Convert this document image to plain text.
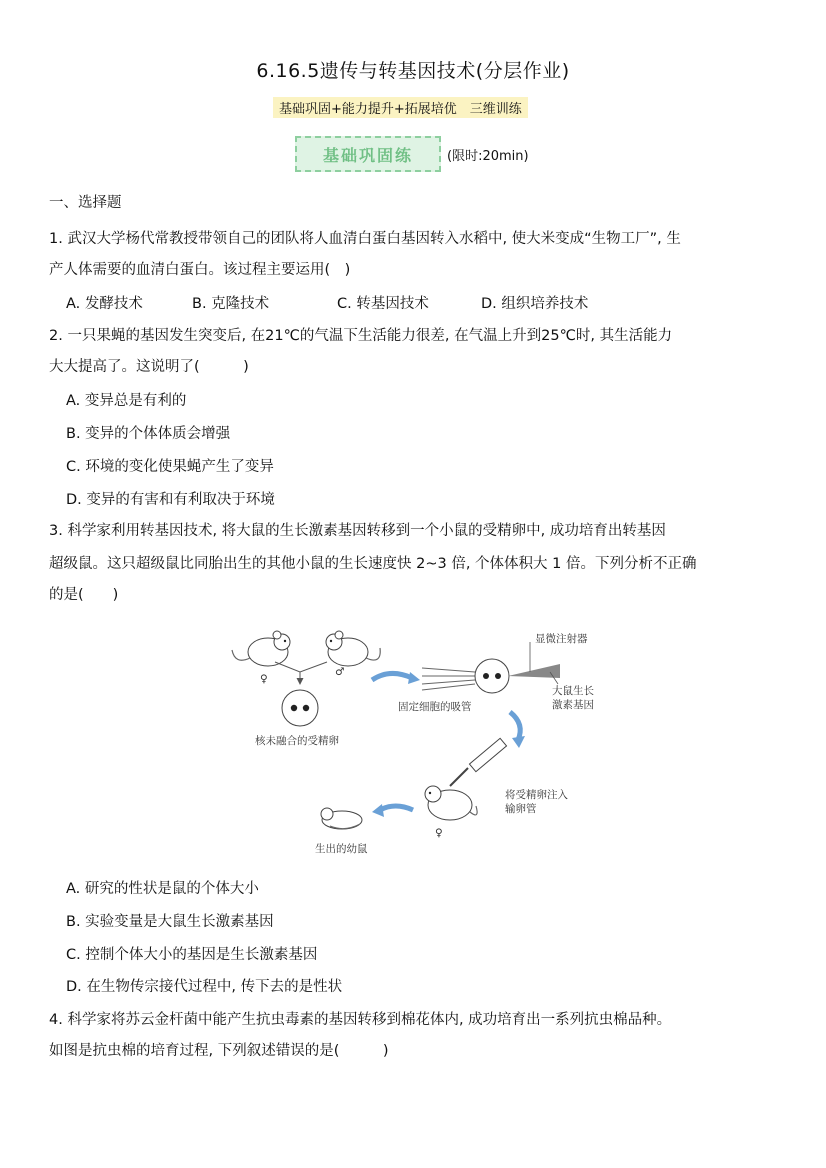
6.16.5遗传与转基因技术(分层作业)
基础巩固+能力提升+拓展培优　三维训练
基础巩固练	(限时:20min)
一、选择题
1. 武汉大学杨代常教授带领自己的团队将人血清白蛋白基因转入水稻中, 使大米变成“生物工厂”, 生
产人体需要的血清白蛋白。该过程主要运用(　)
A. 发酵技术	B. 克隆技术	C. 转基因技术	D. 组织培养技术
2. 一只果蝇的基因发生突变后, 在21℃的气温下生活能力很差, 在气温上升到25℃时, 其生活能力
大大提高了。这说明了(　　　)
A. 变异总是有利的
B. 变异的个体体质会增强
C. 环境的变化使果蝇产生了变异
D. 变异的有害和有利取决于环境
3. 科学家利用转基因技术, 将大鼠的生长激素基因转移到一个小鼠的受精卵中, 成功培育出转基因
超级鼠。这只超级鼠比同胎出生的其他小鼠的生长速度快 2~3 倍, 个体体积大 1 倍。下列分析不正确
的是(　　)
♀
♂
核未融合的受精卵
显微注射器
大鼠生长
激素基因
固定细胞的吸管
♀
将受精卵注入
输卵管
生出的幼鼠
A. 研究的性状是鼠的个体大小
B. 实验变量是大鼠生长激素基因
C. 控制个体大小的基因是生长激素基因
D. 在生物传宗接代过程中, 传下去的是性状
4. 科学家将苏云金杆菌中能产生抗虫毒素的基因转移到棉花体内, 成功培育出一系列抗虫棉品种。
如图是抗虫棉的培育过程, 下列叙述错误的是(　　　)
